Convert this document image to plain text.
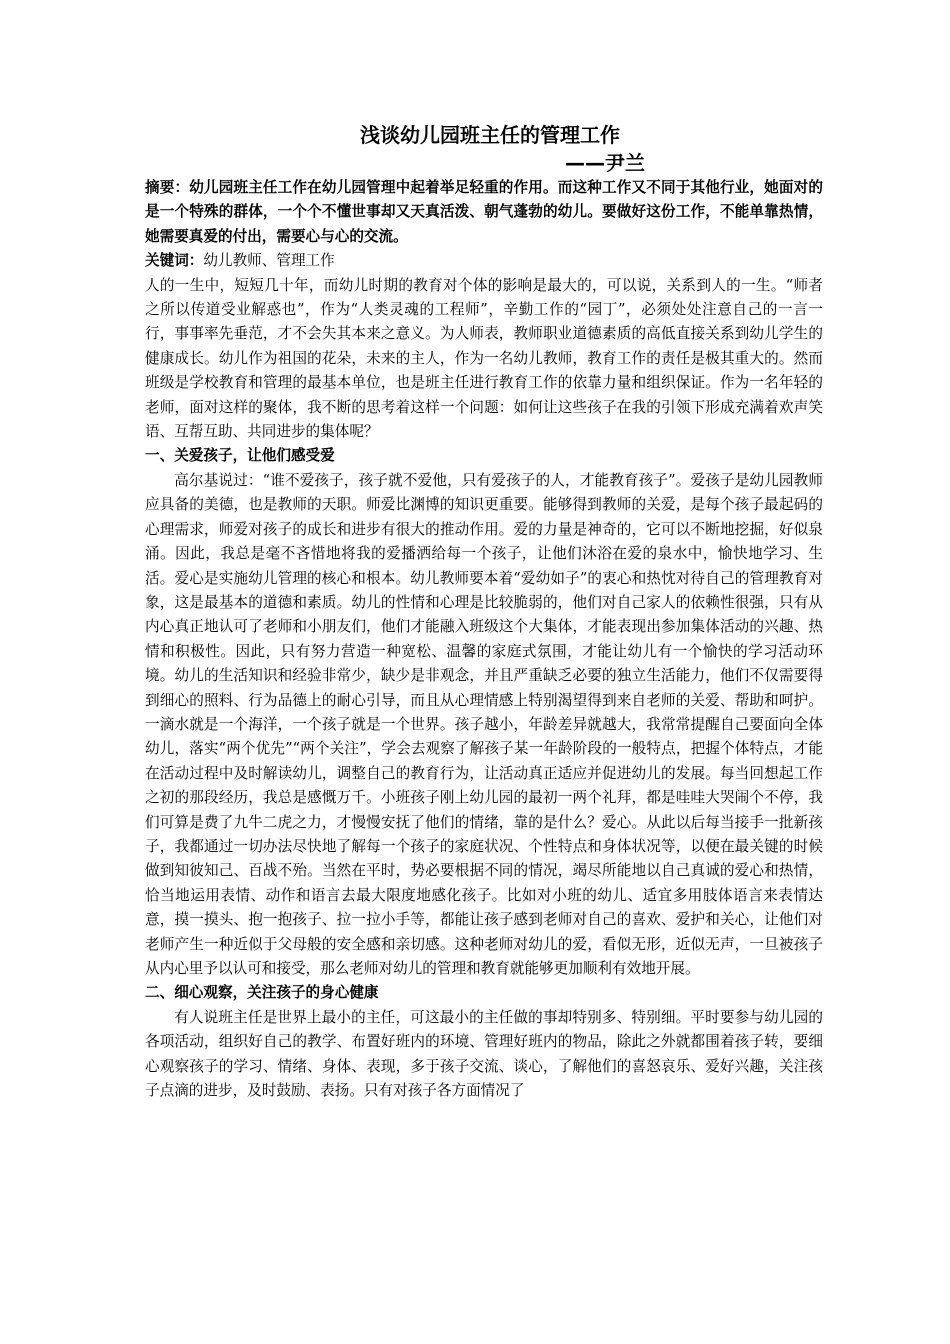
浅谈幼儿园班主任的管理工作

——尹兰

摘要：幼儿园班主任工作在幼儿园管理中起着举足轻重的作用。而这种工作又不同于其他行业，她面对的是一个特殊的群体，一个个不懂世事却又天真活泼、朝气蓬勃的幼儿。要做好这份工作，不能单靠热情，她需要真爱的付出，需要心与心的交流。

关键词：幼儿教师、管理工作

人的一生中，短短几十年，而幼儿时期的教育对个体的影响是最大的，可以说，关系到人的一生。“师者之所以传道受业解惑也”，作为“人类灵魂的工程师”，辛勤工作的“园丁”，必须处处注意自己的一言一行，事事率先垂范，才不会失其本来之意义。为人师表，教师职业道德素质的高低直接关系到幼儿学生的健康成长。幼儿作为祖国的花朵，未来的主人，作为一名幼儿教师，教育工作的责任是极其重大的。然而班级是学校教育和管理的最基本单位，也是班主任进行教育工作的依靠力量和组织保证。作为一名年轻的老师，面对这样的聚体，我不断的思考着这样一个问题：如何让这些孩子在我的引领下形成充满着欢声笑语、互帮互助、共同进步的集体呢？

一、关爱孩子，让他们感受爱

高尔基说过：“谁不爱孩子，孩子就不爱他，只有爱孩子的人，才能教育孩子”。爱孩子是幼儿园教师应具备的美德，也是教师的天职。师爱比渊博的知识更重要。能够得到教师的关爱，是每个孩子最起码的心理需求，师爱对孩子的成长和进步有很大的推动作用。爱的力量是神奇的，它可以不断地挖掘，好似泉涌。因此，我总是毫不吝惜地将我的爱播洒给每一个孩子，让他们沐浴在爱的泉水中，愉快地学习、生活。爱心是实施幼儿管理的核心和根本。幼儿教师要本着“爱幼如子”的衷心和热忱对待自己的管理教育对象，这是最基本的道德和素质。幼儿的性情和心理是比较脆弱的，他们对自己家人的依赖性很强，只有从内心真正地认可了老师和小朋友们，他们才能融入班级这个大集体，才能表现出参加集体活动的兴趣、热情和积极性。因此，只有努力营造一种宽松、温馨的家庭式氛围，才能让幼儿有一个愉快的学习活动环境。幼儿的生活知识和经验非常少，缺少是非观念，并且严重缺乏必要的独立生活能力，他们不仅需要得到细心的照料、行为品德上的耐心引导，而且从心理情感上特别渴望得到来自老师的关爱、帮助和呵护。一滴水就是一个海洋，一个孩子就是一个世界。孩子越小，年龄差异就越大，我常常提醒自己要面向全体幼儿，落实“两个优先”“两个关注”，学会去观察了解孩子某一年龄阶段的一般特点，把握个体特点，才能在活动过程中及时解读幼儿，调整自己的教育行为，让活动真正适应并促进幼儿的发展。每当回想起工作之初的那段经历，我总是感慨万千。小班孩子刚上幼儿园的最初一两个礼拜，都是哇哇大哭闹个不停，我们可算是费了九牛二虎之力，才慢慢安抚了他们的情绪，靠的是什么？爱心。从此以后每当接手一批新孩子，我都通过一切办法尽快地了解每一个孩子的家庭状况、个性特点和身体状况等，以便在最关键的时候做到知彼知己、百战不殆。当然在平时，势必要根据不同的情况，竭尽所能地以自己真诚的爱心和热情，恰当地运用表情、动作和语言去最大限度地感化孩子。比如对小班的幼儿、适宜多用肢体语言来表情达意，摸一摸头、抱一抱孩子、拉一拉小手等，都能让孩子感到老师对自己的喜欢、爱护和关心，让他们对老师产生一种近似于父母般的安全感和亲切感。这种老师对幼儿的爱，看似无形，近似无声，一旦被孩子从内心里予以认可和接受，那么老师对幼儿的管理和教育就能够更加顺利有效地开展。

二、细心观察，关注孩子的身心健康

有人说班主任是世界上最小的主任，可这最小的主任做的事却特别多、特别细。平时要参与幼儿园的各项活动，组织好自己的教学、布置好班内的环境、管理好班内的物品，除此之外就都围着孩子转，要细心观察孩子的学习、情绪、身体、表现，多于孩子交流、谈心，了解他们的喜怒哀乐、爱好兴趣，关注孩子点滴的进步，及时鼓励、表扬。只有对孩子各方面情况了
